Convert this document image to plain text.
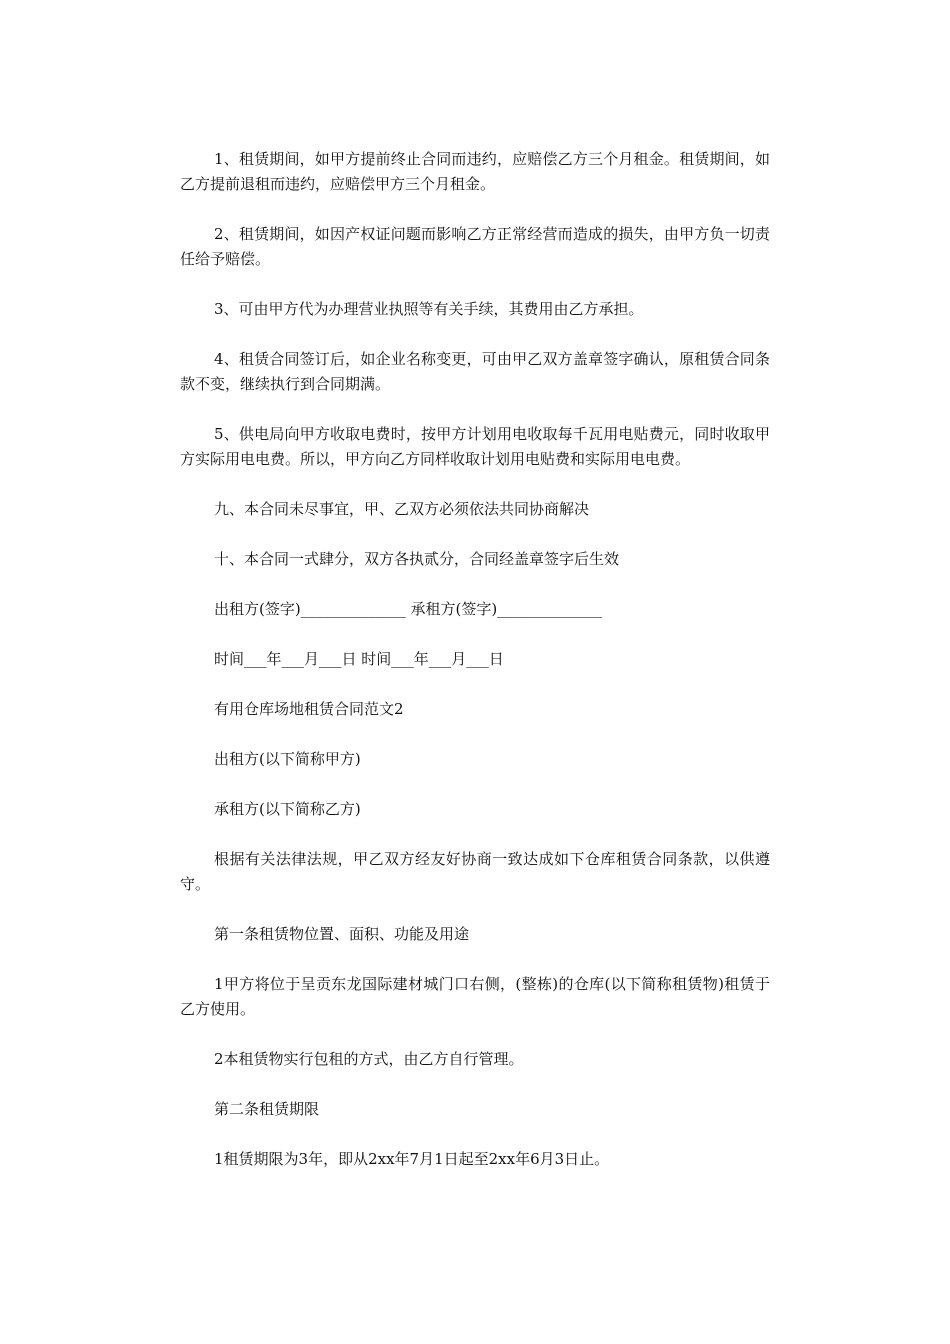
1、租赁期间，如甲方提前终止合同而违约，应赔偿乙方三个月租金。租赁期间，如乙方提前退租而违约，应赔偿甲方三个月租金。

2、租赁期间，如因产权证问题而影响乙方正常经营而造成的损失，由甲方负一切责任给予赔偿。

3、可由甲方代为办理营业执照等有关手续，其费用由乙方承担。

4、租赁合同签订后，如企业名称变更，可由甲乙双方盖章签字确认，原租赁合同条款不变，继续执行到合同期满。

5、供电局向甲方收取电费时，按甲方计划用电收取每千瓦用电贴费元，同时收取甲方实际用电电费。所以，甲方向乙方同样收取计划用电贴费和实际用电电费。

九、本合同未尽事宜，甲、乙双方必须依法共同协商解决

十、本合同一式肆分，双方各执贰分，合同经盖章签字后生效

出租方(签字)______________ 承租方(签字)______________

时间___年___月___日 时间___年___月___日

有用仓库场地租赁合同范文2

出租方(以下简称甲方)

承租方(以下简称乙方)

根据有关法律法规，甲乙双方经友好协商一致达成如下仓库租赁合同条款，以供遵守。

第一条租赁物位置、面积、功能及用途

1甲方将位于呈贡东龙国际建材城门口右侧，(整栋)的仓库(以下简称租赁物)租赁于乙方使用。

2本租赁物实行包租的方式，由乙方自行管理。

第二条租赁期限

1租赁期限为3年，即从2xx年7月1日起至2xx年6月3日止。
